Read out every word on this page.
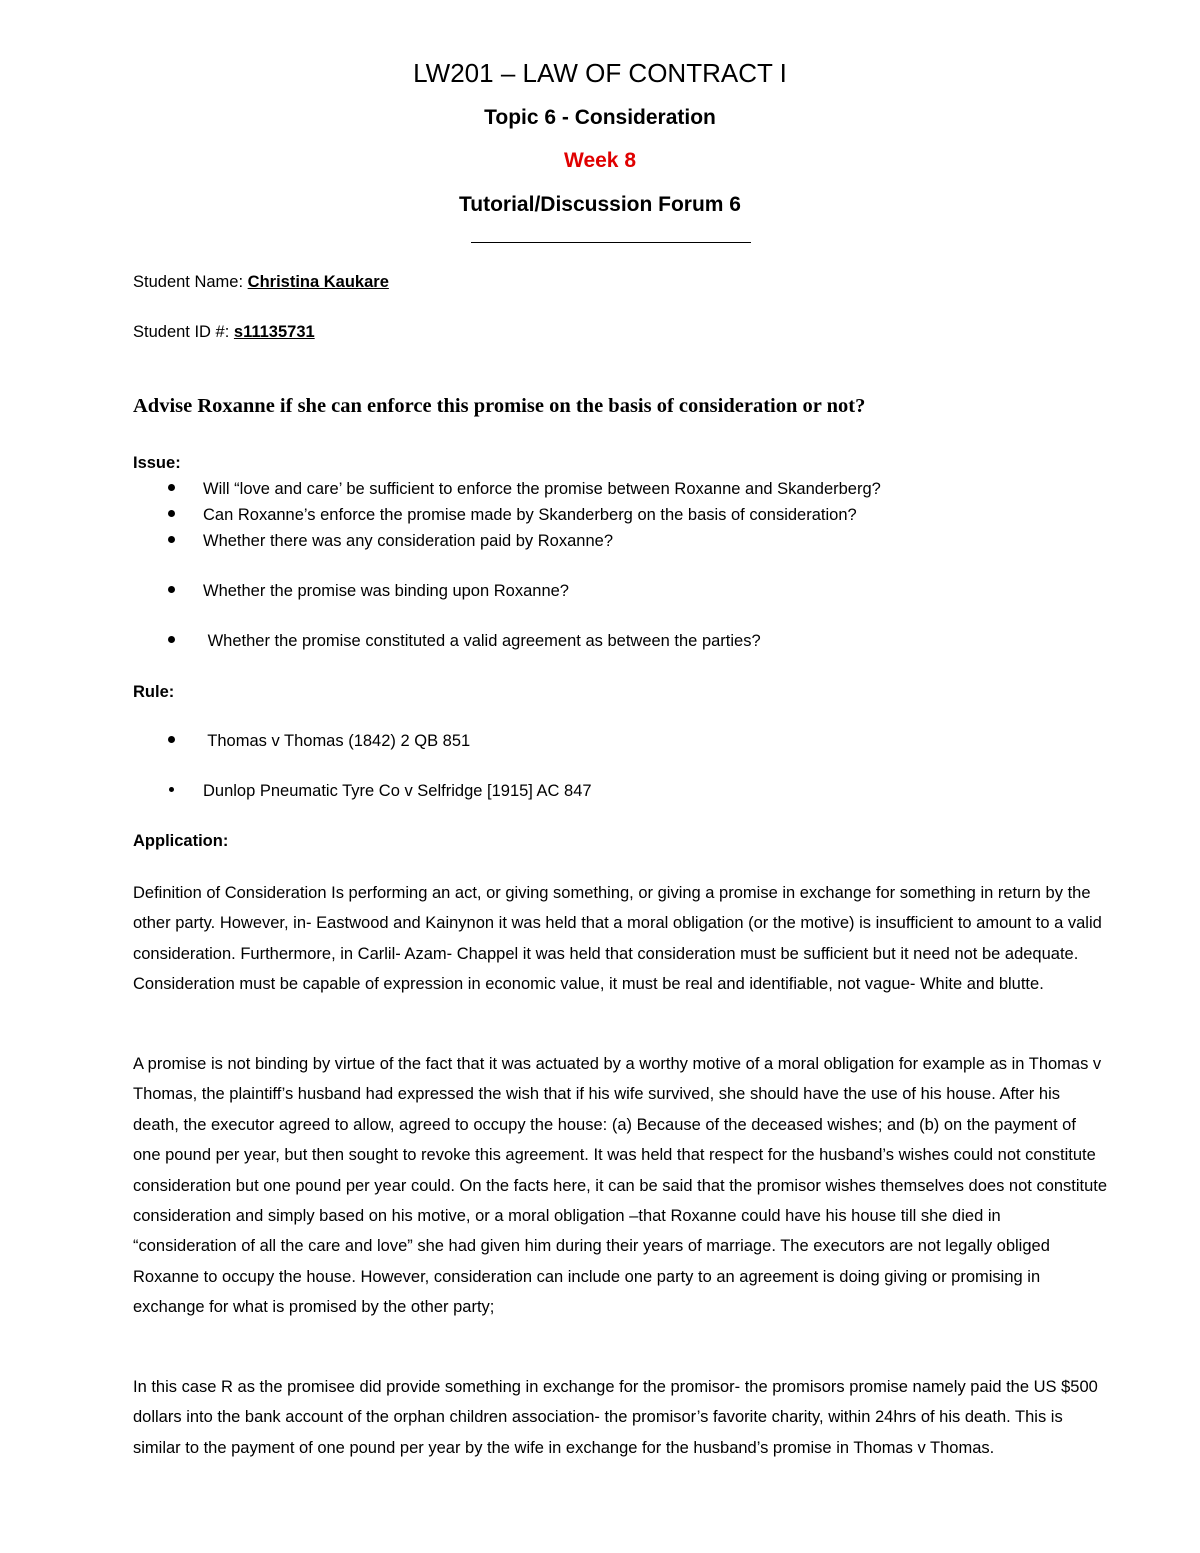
LW201 – LAW OF CONTRACT I
Topic 6 - Consideration
Week 8
Tutorial/Discussion Forum 6
Student Name: Christina Kaukare
Student ID #: s11135731
Advise Roxanne if she can enforce this promise on the basis of consideration or not?
Issue:
Will “love and care’ be sufficient to enforce the promise between Roxanne and Skanderberg?
Can Roxanne’s enforce the promise made by Skanderberg on the basis of consideration?
Whether there was any consideration paid by Roxanne?
Whether the promise was binding upon Roxanne?
Whether the promise constituted a valid agreement as between the parties?
Rule:
Thomas v Thomas (1842) 2 QB 851
Dunlop Pneumatic Tyre Co v Selfridge [1915] AC 847
Application:

Definition of Consideration Is performing an act, or giving something, or giving a promise in exchange for something in return by the other party. However, in- Eastwood and Kainynon it was held that a moral obligation (or the motive) is insufficient to amount to a valid consideration. Furthermore, in Carlil- Azam- Chappel it was held that consideration must be sufficient but it need not be adequate. Consideration must be capable of expression in economic value, it must be real and identifiable, not vague- White and blutte.

A promise is not binding by virtue of the fact that it was actuated by a worthy motive of a moral obligation for example as in Thomas v Thomas, the plaintiff’s husband had expressed the wish that if his wife survived, she should have the use of his house. After his death, the executor agreed to allow, agreed to occupy the house: (a) Because of the deceased wishes; and (b) on the payment of one pound per year, but then sought to revoke this agreement. It was held that respect for the husband’s wishes could not constitute consideration but one pound per year could. On the facts here, it can be said that the promisor wishes themselves does not constitute consideration and simply based on his motive, or a moral obligation –that Roxanne could have his house till she died in “consideration of all the care and love” she had given him during their years of marriage. The executors are not legally obliged Roxanne to occupy the house. However, consideration can include one party to an agreement is doing giving or promising in exchange for what is promised by the other party;

In this case R as the promisee did provide something in exchange for the promisor- the promisors promise namely paid the US $500 dollars into the bank account of the orphan children association- the promisor’s favorite charity, within 24hrs of his death. This is similar to the payment of one pound per year by the wife in exchange for the husband’s promise in Thomas v Thomas.
